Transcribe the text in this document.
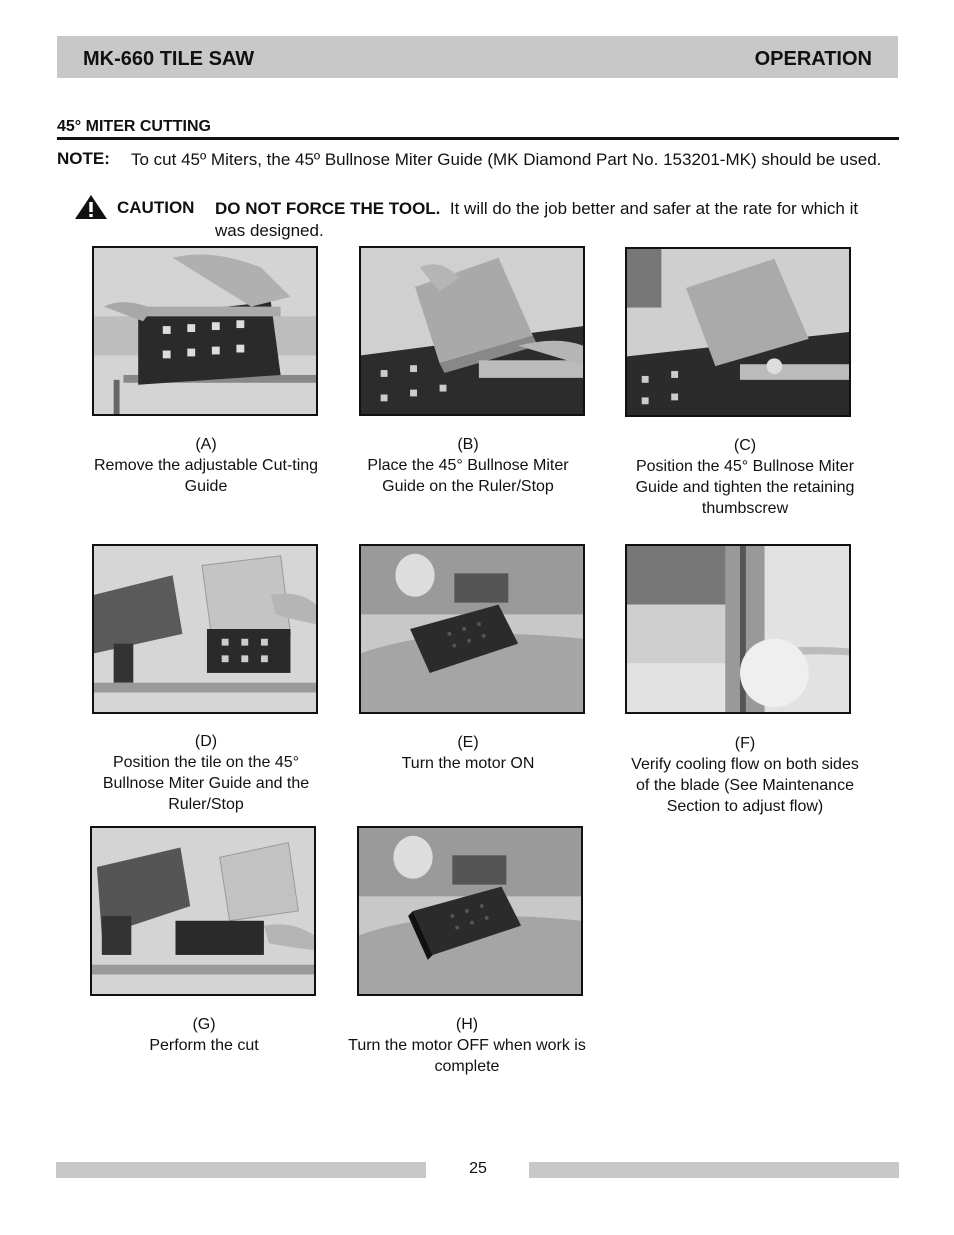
MK-660 TILE SAW	OPERATION
45° MITER CUTTING
NOTE: To cut 45º Miters, the 45º Bullnose Miter Guide (MK Diamond Part No. 153201-MK) should be used.
CAUTION DO NOT FORCE THE TOOL. It will do the job better and safer at the rate for which it was designed.
(A)
Remove the adjustable Cut-ting Guide
(B)
Place the 45° Bullnose Miter Guide on the Ruler/Stop
(C)
Position the 45° Bullnose Miter Guide and tighten the retaining thumbscrew
(D)
Position the tile on the 45° Bullnose Miter Guide and the Ruler/Stop
(E)
Turn the motor ON
(F)
Verify cooling flow on both sides of the blade (See Maintenance Section to adjust flow)
(G)
Perform the cut
(H)
Turn the motor OFF when work is complete
25
